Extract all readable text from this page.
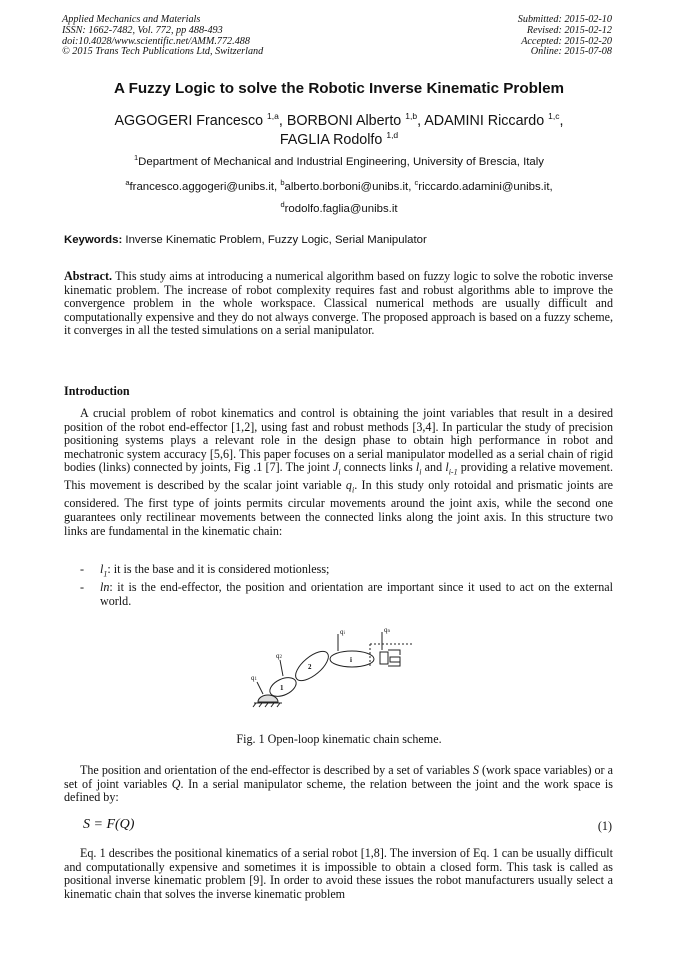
Applied Mechanics and Materials
ISSN: 1662-7482, Vol. 772, pp 488-493
doi:10.4028/www.scientific.net/AMM.772.488
© 2015 Trans Tech Publications Ltd, Switzerland
Submitted: 2015-02-10
Revised: 2015-02-12
Accepted: 2015-02-20
Online: 2015-07-08
A Fuzzy Logic to solve the Robotic Inverse Kinematic Problem
AGGOGERI Francesco $^{1,a}$, BORBONI Alberto $^{1,b}$, ADAMINI Riccardo $^{1,c}$,
FAGLIA Rodolfo $^{1,d}$
$^1$Department of Mechanical and Industrial Engineering, University of Brescia, Italy
$^a$francesco.aggogeri@unibs.it, $^b$alberto.borboni@unibs.it, $^c$riccardo.adamini@unibs.it,
$^d$rodolfo.faglia@unibs.it
Keywords: Inverse Kinematic Problem, Fuzzy Logic, Serial Manipulator
Abstract. This study aims at introducing a numerical algorithm based on fuzzy logic to solve the robotic inverse kinematic problem. The increase of robot complexity requires fast and robust algorithms able to improve the convergence problem in the whole workspace. Classical numerical methods are usually difficult and computationally expensive and they do not always converge. The proposed approach is based on a fuzzy scheme, it converges in all the tested simulations on a serial manipulator.
Introduction
A crucial problem of robot kinematics and control is obtaining the joint variables that result in a desired position of the robot end-effector [1,2], using fast and robust methods [3,4]. In particular the study of precision positioning systems plays a relevant role in the design phase to obtain high performance in robot and mechatronic system accuracy [5,6]. This paper focuses on a serial manipulator modelled as a serial chain of rigid bodies (links) connected by joints, Fig .1 [7]. The joint $J_i$ connects links $l_i$ and $l_{i-1}$ providing a relative movement. This movement is described by the scalar joint variable $q_i$. In this study only rotoidal and prismatic joints are considered. The first type of joints permits circular movements around the joint axis, while the second one guarantees only rectilinear movements between the connected links along the joint axis. In this structure two links are fundamental in the kinematic chain:
- $l_1$: it is the base and it is considered motionless;
- ln: it is the end-effector, the position and orientation are important since it used to act on the external world.
q1
q2
qi	qn
1
2
i
Fig. 1 Open-loop kinematic chain scheme.
The position and orientation of the end-effector is described by a set of variables S (work space variables) or a set of joint variables Q. In a serial manipulator scheme, the relation between the joint and the work space is defined by:
S = F(Q)	(1)
Eq. 1 describes the positional kinematics of a serial robot [1,8]. The inversion of Eq. 1 can be usually difficult and computationally expensive and sometimes it is impossible to obtain a closed form. This task is called as positional inverse kinematic problem [9]. In order to avoid these issues the robot manufacturers usually select a kinematic chain that solves the inverse kinematic problem
